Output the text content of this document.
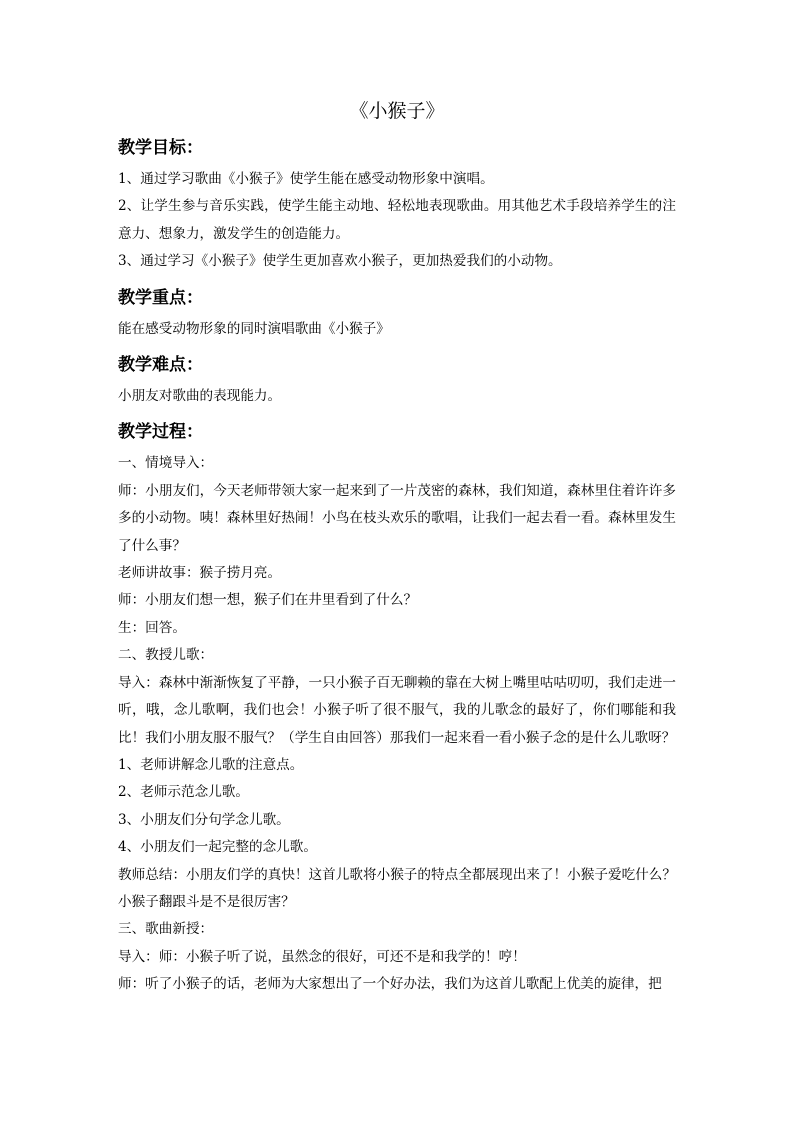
《小猴子》
教学目标：

1、通过学习歌曲《小猴子》使学生能在感受动物形象中演唱。

2、让学生参与音乐实践，使学生能主动地、轻松地表现歌曲。用其他艺术手段培养学生的注意力、想象力，激发学生的创造能力。

3、通过学习《小猴子》使学生更加喜欢小猴子，更加热爱我们的小动物。

教学重点：

能在感受动物形象的同时演唱歌曲《小猴子》

教学难点：

小朋友对歌曲的表现能力。

教学过程：

一、情境导入：

师：小朋友们，今天老师带领大家一起来到了一片茂密的森林，我们知道，森林里住着许许多多的小动物。咦！森林里好热闹！小鸟在枝头欢乐的歌唱，让我们一起去看一看。森林里发生了什么事？

老师讲故事：猴子捞月亮。

师：小朋友们想一想，猴子们在井里看到了什么？

生：回答。

二、教授儿歌：

导入：森林中渐渐恢复了平静，一只小猴子百无聊赖的靠在大树上嘴里咕咕叨叨，我们走进一听，哦，念儿歌啊，我们也会！小猴子听了很不服气，我的儿歌念的最好了，你们哪能和我比！我们小朋友服不服气？（学生自由回答）那我们一起来看一看小猴子念的是什么儿歌呀？

1、老师讲解念儿歌的注意点。

2、老师示范念儿歌。

3、小朋友们分句学念儿歌。

4、小朋友们一起完整的念儿歌。

教师总结：小朋友们学的真快！这首儿歌将小猴子的特点全都展现出来了！小猴子爱吃什么？小猴子翻跟斗是不是很厉害？

三、歌曲新授：

导入：师：小猴子听了说，虽然念的很好，可还不是和我学的！哼！

师：听了小猴子的话，老师为大家想出了一个好办法，我们为这首儿歌配上优美的旋律，把
